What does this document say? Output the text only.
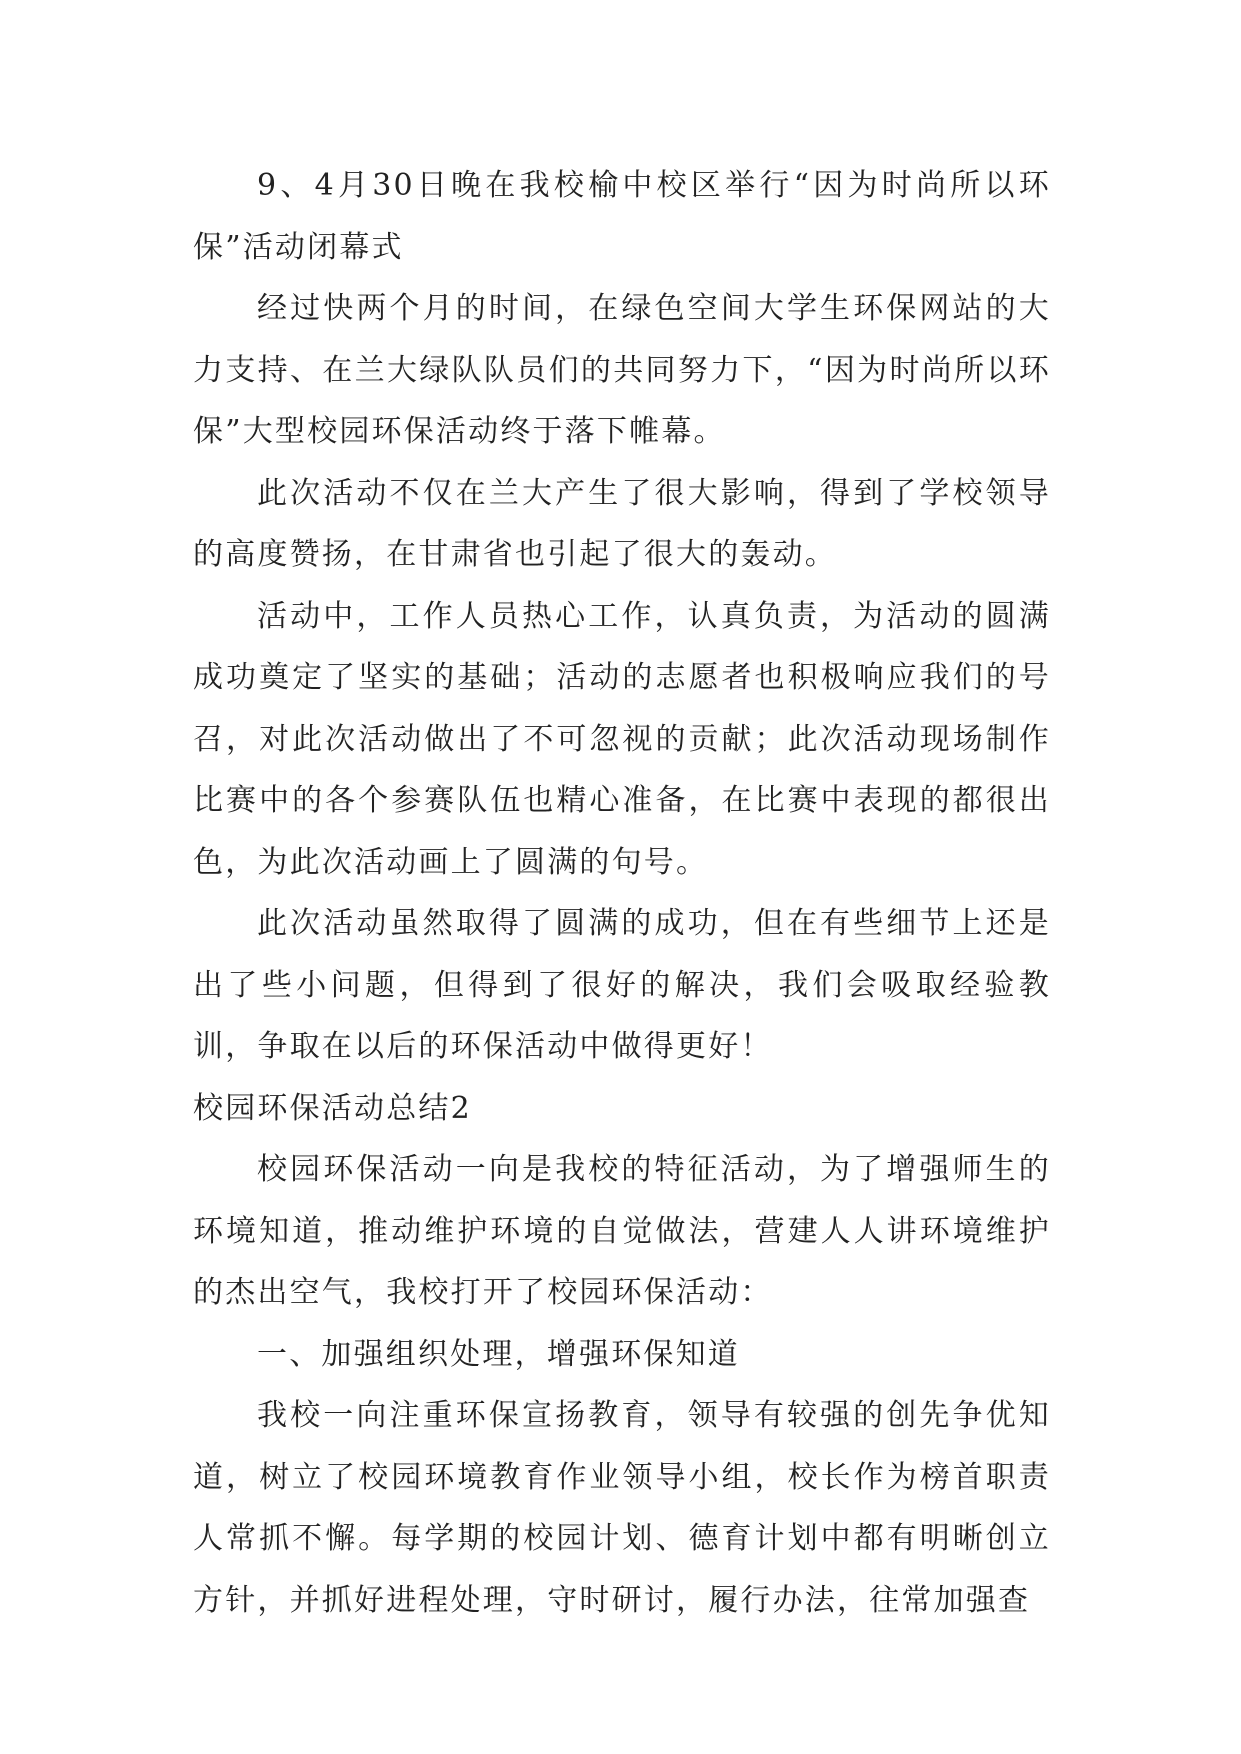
9、4月30日晚在我校榆中校区举行“因为时尚所以环保”活动闭幕式

经过快两个月的时间，在绿色空间大学生环保网站的大力支持、在兰大绿队队员们的共同努力下，“因为时尚所以环保”大型校园环保活动终于落下帷幕。

此次活动不仅在兰大产生了很大影响，得到了学校领导的高度赞扬，在甘肃省也引起了很大的轰动。

活动中，工作人员热心工作，认真负责，为活动的圆满成功奠定了坚实的基础；活动的志愿者也积极响应我们的号召，对此次活动做出了不可忽视的贡献；此次活动现场制作比赛中的各个参赛队伍也精心准备，在比赛中表现的都很出色，为此次活动画上了圆满的句号。

此次活动虽然取得了圆满的成功，但在有些细节上还是出了些小问题，但得到了很好的解决，我们会吸取经验教训，争取在以后的环保活动中做得更好！

校园环保活动总结2

校园环保活动一向是我校的特征活动，为了增强师生的环境知道，推动维护环境的自觉做法，营建人人讲环境维护的杰出空气，我校打开了校园环保活动：

一、加强组织处理，增强环保知道

我校一向注重环保宣扬教育，领导有较强的创先争优知道，树立了校园环境教育作业领导小组，校长作为榜首职责人常抓不懈。每学期的校园计划、德育计划中都有明晰创立方针，并抓好进程处理，守时研讨，履行办法，往常加强查
